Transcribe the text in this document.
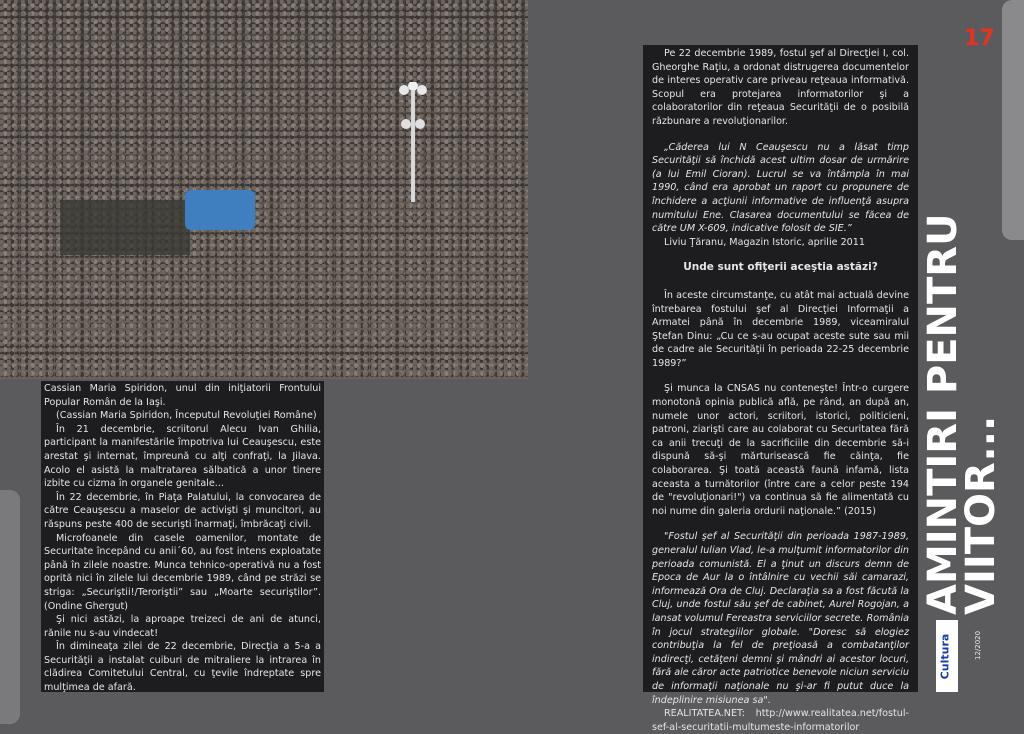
17

Cassian Maria Spiridon, unul din iniţiatorii Frontului Popular Român de la Iaşi.

(Cassian Maria Spiridon, Începutul Revoluţiei Române)

În 21 decembrie, scriitorul Alecu Ivan Ghilia, participant la manifestările împotriva lui Ceauşescu, este arestat şi internat, împreună cu alţi confraţi, la Jilava. Acolo el asistă la maltratarea sălbatică a unor tinere izbite cu cizma în organele genitale...

În 22 decembrie, în Piaţa Palatului, la convocarea de către Ceauşescu a maselor de activişti şi muncitori, au răspuns peste 400 de securişti înarmaţi, îmbrăcaţi civil.

Microfoanele din casele oamenilor, montate de Securitate începând cu anii´60, au fost intens exploatate până în zilele noastre. Munca tehnico-operativă nu a fost oprită nici în zilele lui decembrie 1989, când pe străzi se striga: „Securiştii!/Teroriştii” sau „Moarte securiştilor”. (Ondine Ghergut)

Şi nici astăzi, la aproape treizeci de ani de atunci, rănile nu s-au vindecat!

În dimineaţa zilei de 22 decembrie, Direcţia a 5-a a Securităţii a instalat cuiburi de mitraliere la intrarea în clădirea Comitetului Central, cu ţevile îndreptate spre mulţimea de afară.

Pe 22 decembrie 1989, fostul şef al Direcţiei I, col. Gheorghe Raţiu, a ordonat distrugerea documentelor de interes operativ care priveau reţeaua informativă. Scopul era protejarea informatorilor şi a colaboratorilor din reţeaua Securităţii de o posibilă răzbunare a revoluţionarilor.

„Căderea lui N Ceauşescu nu a lăsat timp Securităţii să închidă acest ultim dosar de urmărire (a lui Emil Cioran). Lucrul se va întâmpla în mai 1990, când era aprobat un raport cu propunere de închidere a acţiunii informative de influenţă asupra numitului Ene. Clasarea documentului se făcea de către UM X-609, indicative folosit de SIE.”

Liviu Ţăranu, Magazin Istoric, aprilie 2011

Unde sunt ofiţerii aceştia astăzi?

În aceste circumstanţe, cu atât mai actuală devine întrebarea fostului şef al Direcţiei Informaţii a Armatei până în decembrie 1989, viceamiralul Ştefan Dinu: „Cu ce s-au ocupat aceste sute sau mii de cadre ale Securităţii în perioada 22-25 decembrie 1989?”

Şi munca la CNSAS nu conteneşte! Într-o curgere monotonă opinia publică află, pe rând, an după an, numele unor actori, scriitori, istorici, politicieni, patroni, ziarişti care au colaborat cu Securitatea fără ca anii trecuţi de la sacrificiile din decembrie să-i dispună să-şi mărturisească fie căinţa, fie colaborarea. Şi toată această faună infamă, lista aceasta a turnătorilor (între care a celor peste 194 de "revoluţionari!") va continua să fie alimentată cu noi nume din galeria ordurii naţionale.” (2015)

"Fostul şef al Securităţii din perioada 1987-1989, generalul Iulian Vlad, le-a mulţumit informatorilor din perioada comunistă. El a ţinut un discurs demn de Epoca de Aur la o întâlnire cu vechii săi camarazi, informează Ora de Cluj. Declaraţia sa a fost făcută la Cluj, unde fostul său şef de cabinet, Aurel Rogojan, a lansat volumul Fereastra serviciilor secrete. România în jocul strategiilor globale. "Doresc să elogiez contribuţia la fel de preţioasă a combatanţilor indirecţi, cetăţeni demni şi mândri ai acestor locuri, fără ale căror acte patriotice benevole niciun serviciu de informaţii naţionale nu şi-ar fi putut duce la îndeplinire misiunea sa".

REALITATEA.NET: http://www.realitatea.net/fostul-sef-al-securitatii-multumeste-informatorilor

AMINTIRI PENTRU
VIITOR...
Cultura	12/2020
